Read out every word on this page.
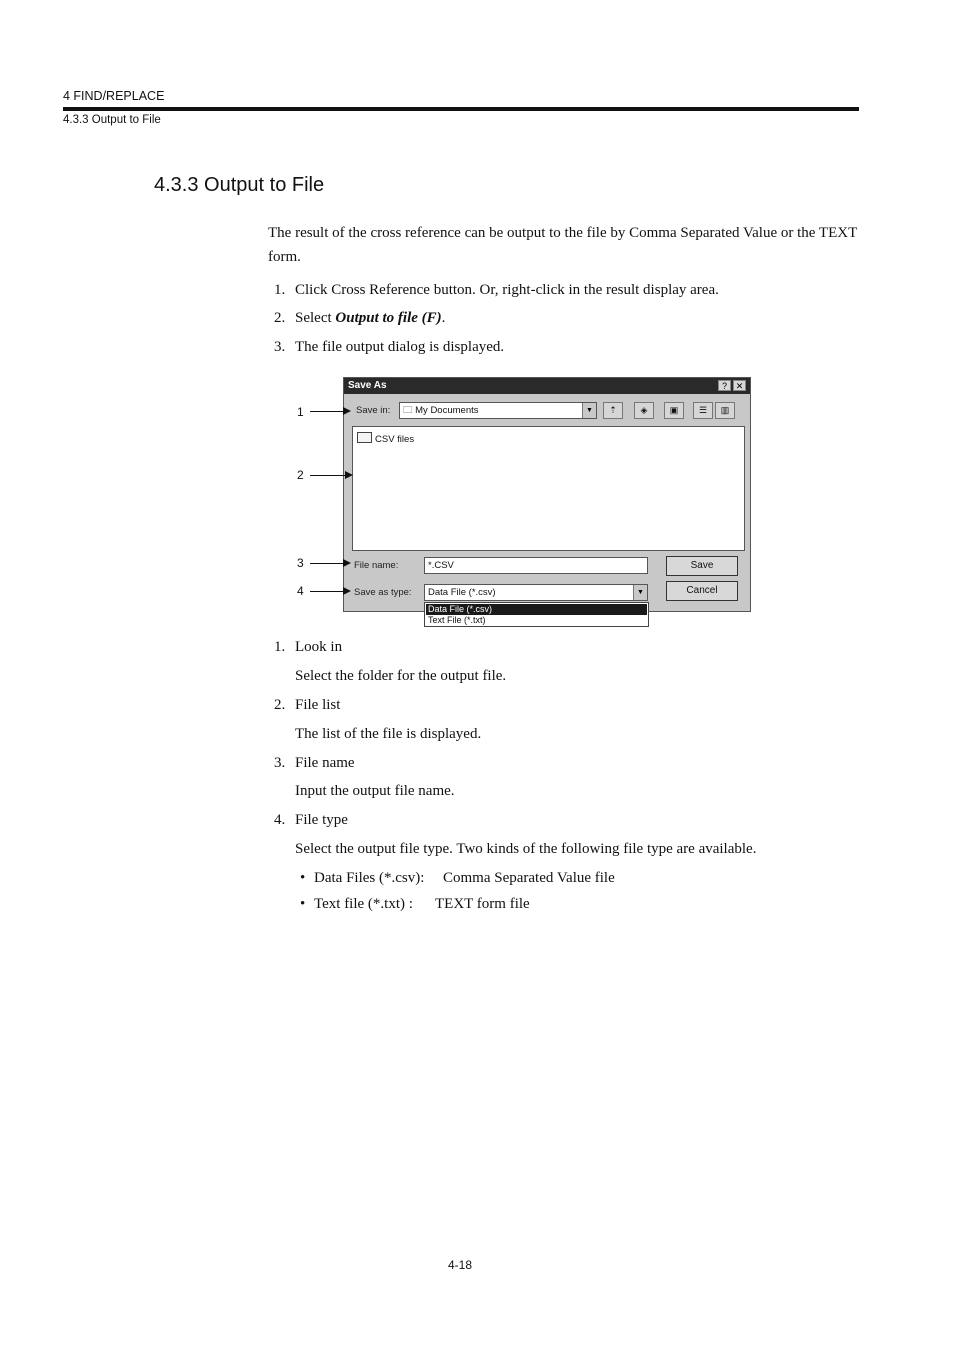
4 FIND/REPLACE
4.3.3 Output to File
4.3.3 Output to File

The result of the cross reference can be output to the file by Comma Separated Value or the TEXT form.

1. Click Cross Reference button. Or, right-click in the result display area.
2. Select Output to file (F).
3. The file output dialog is displayed.
Save As	? ✕
Save in:	🗀 My Documents	▼	⇡	◈	▣	☰	▥
CSV files
File name:	*.CSV
Save as type:	Data File (*.csv)	▼
Save
Cancel
Data File (*.csv)
Text File (*.txt)
1
2
3
4
1. Look in
Select the folder for the output file.
2. File list
The list of the file is displayed.
3. File name
Input the output file name.
4. File type
Select the output file type. Two kinds of the following file type are available.
• Data Files (*.csv): Comma Separated Value file
• Text file (*.txt) : TEXT form file
4-18
